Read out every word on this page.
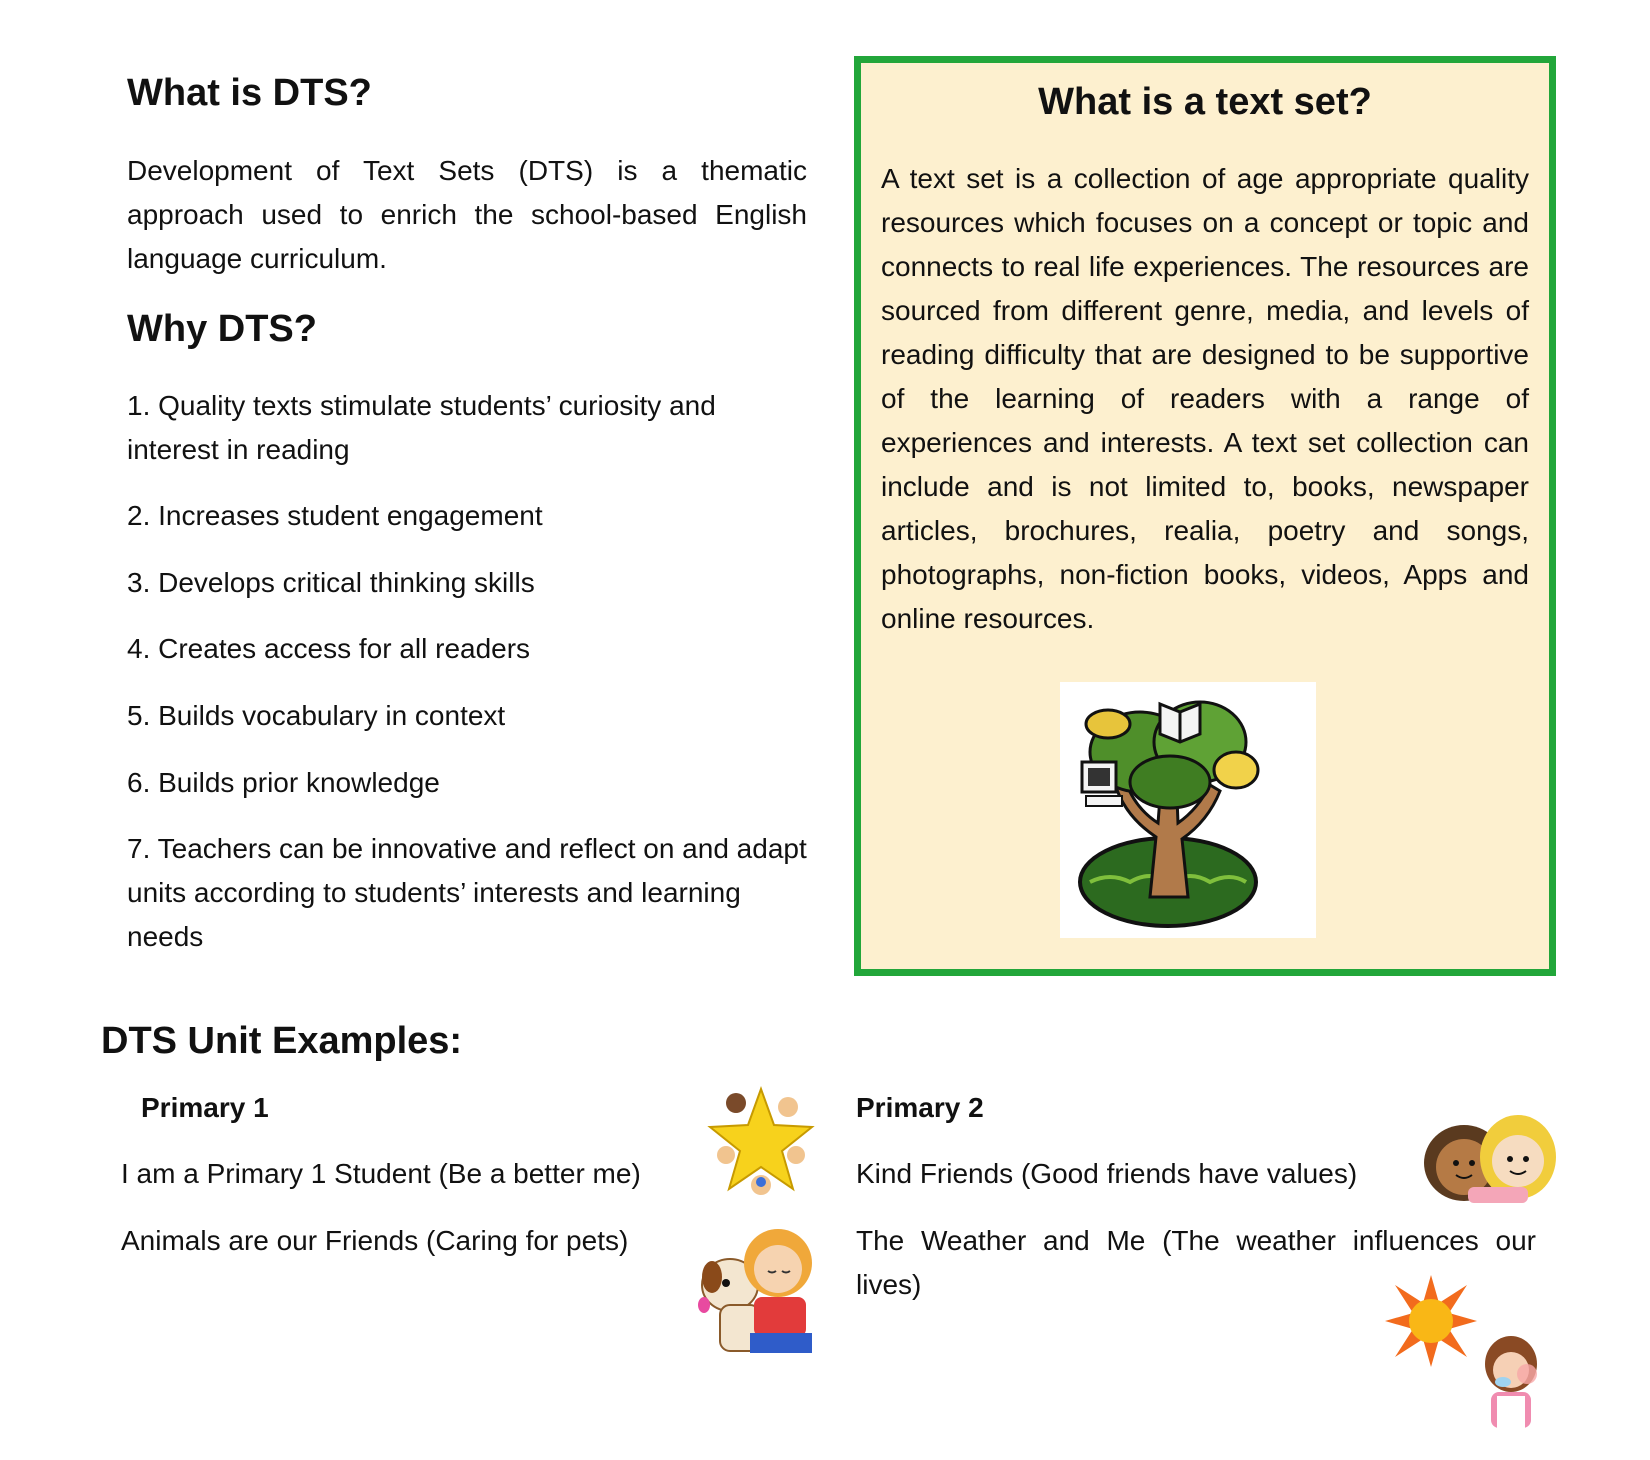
What is DTS?
Development of Text Sets (DTS) is a thematic approach used to enrich the school-based English language curriculum.
Why DTS?
1. Quality texts stimulate students’ curiosity and interest in reading
2. Increases student engagement
3. Develops critical thinking skills
4. Creates access for all readers
5. Builds vocabulary in context
6. Builds prior knowledge
7. Teachers can be innovative and reflect on and adapt units according to students’ interests and learning needs
What is a text set?
A text set is a collection of age appropriate quality resources which focuses on a concept or topic and connects to real life experiences. The resources are sourced from different genre, media, and levels of reading difficulty that are designed to be supportive of the learning of readers with a range of experiences and interests. A text set collection can include and is not limited to, books, newspaper articles, brochures, realia, poetry and songs, photographs, non-fiction books, videos, Apps and online resources.
DTS Unit Examples:
Primary 1
I am a Primary 1 Student (Be a better me)
Animals are our Friends (Caring for pets)
Primary 2
Kind Friends (Good friends have values)
The Weather and Me (The weather influences our lives)
